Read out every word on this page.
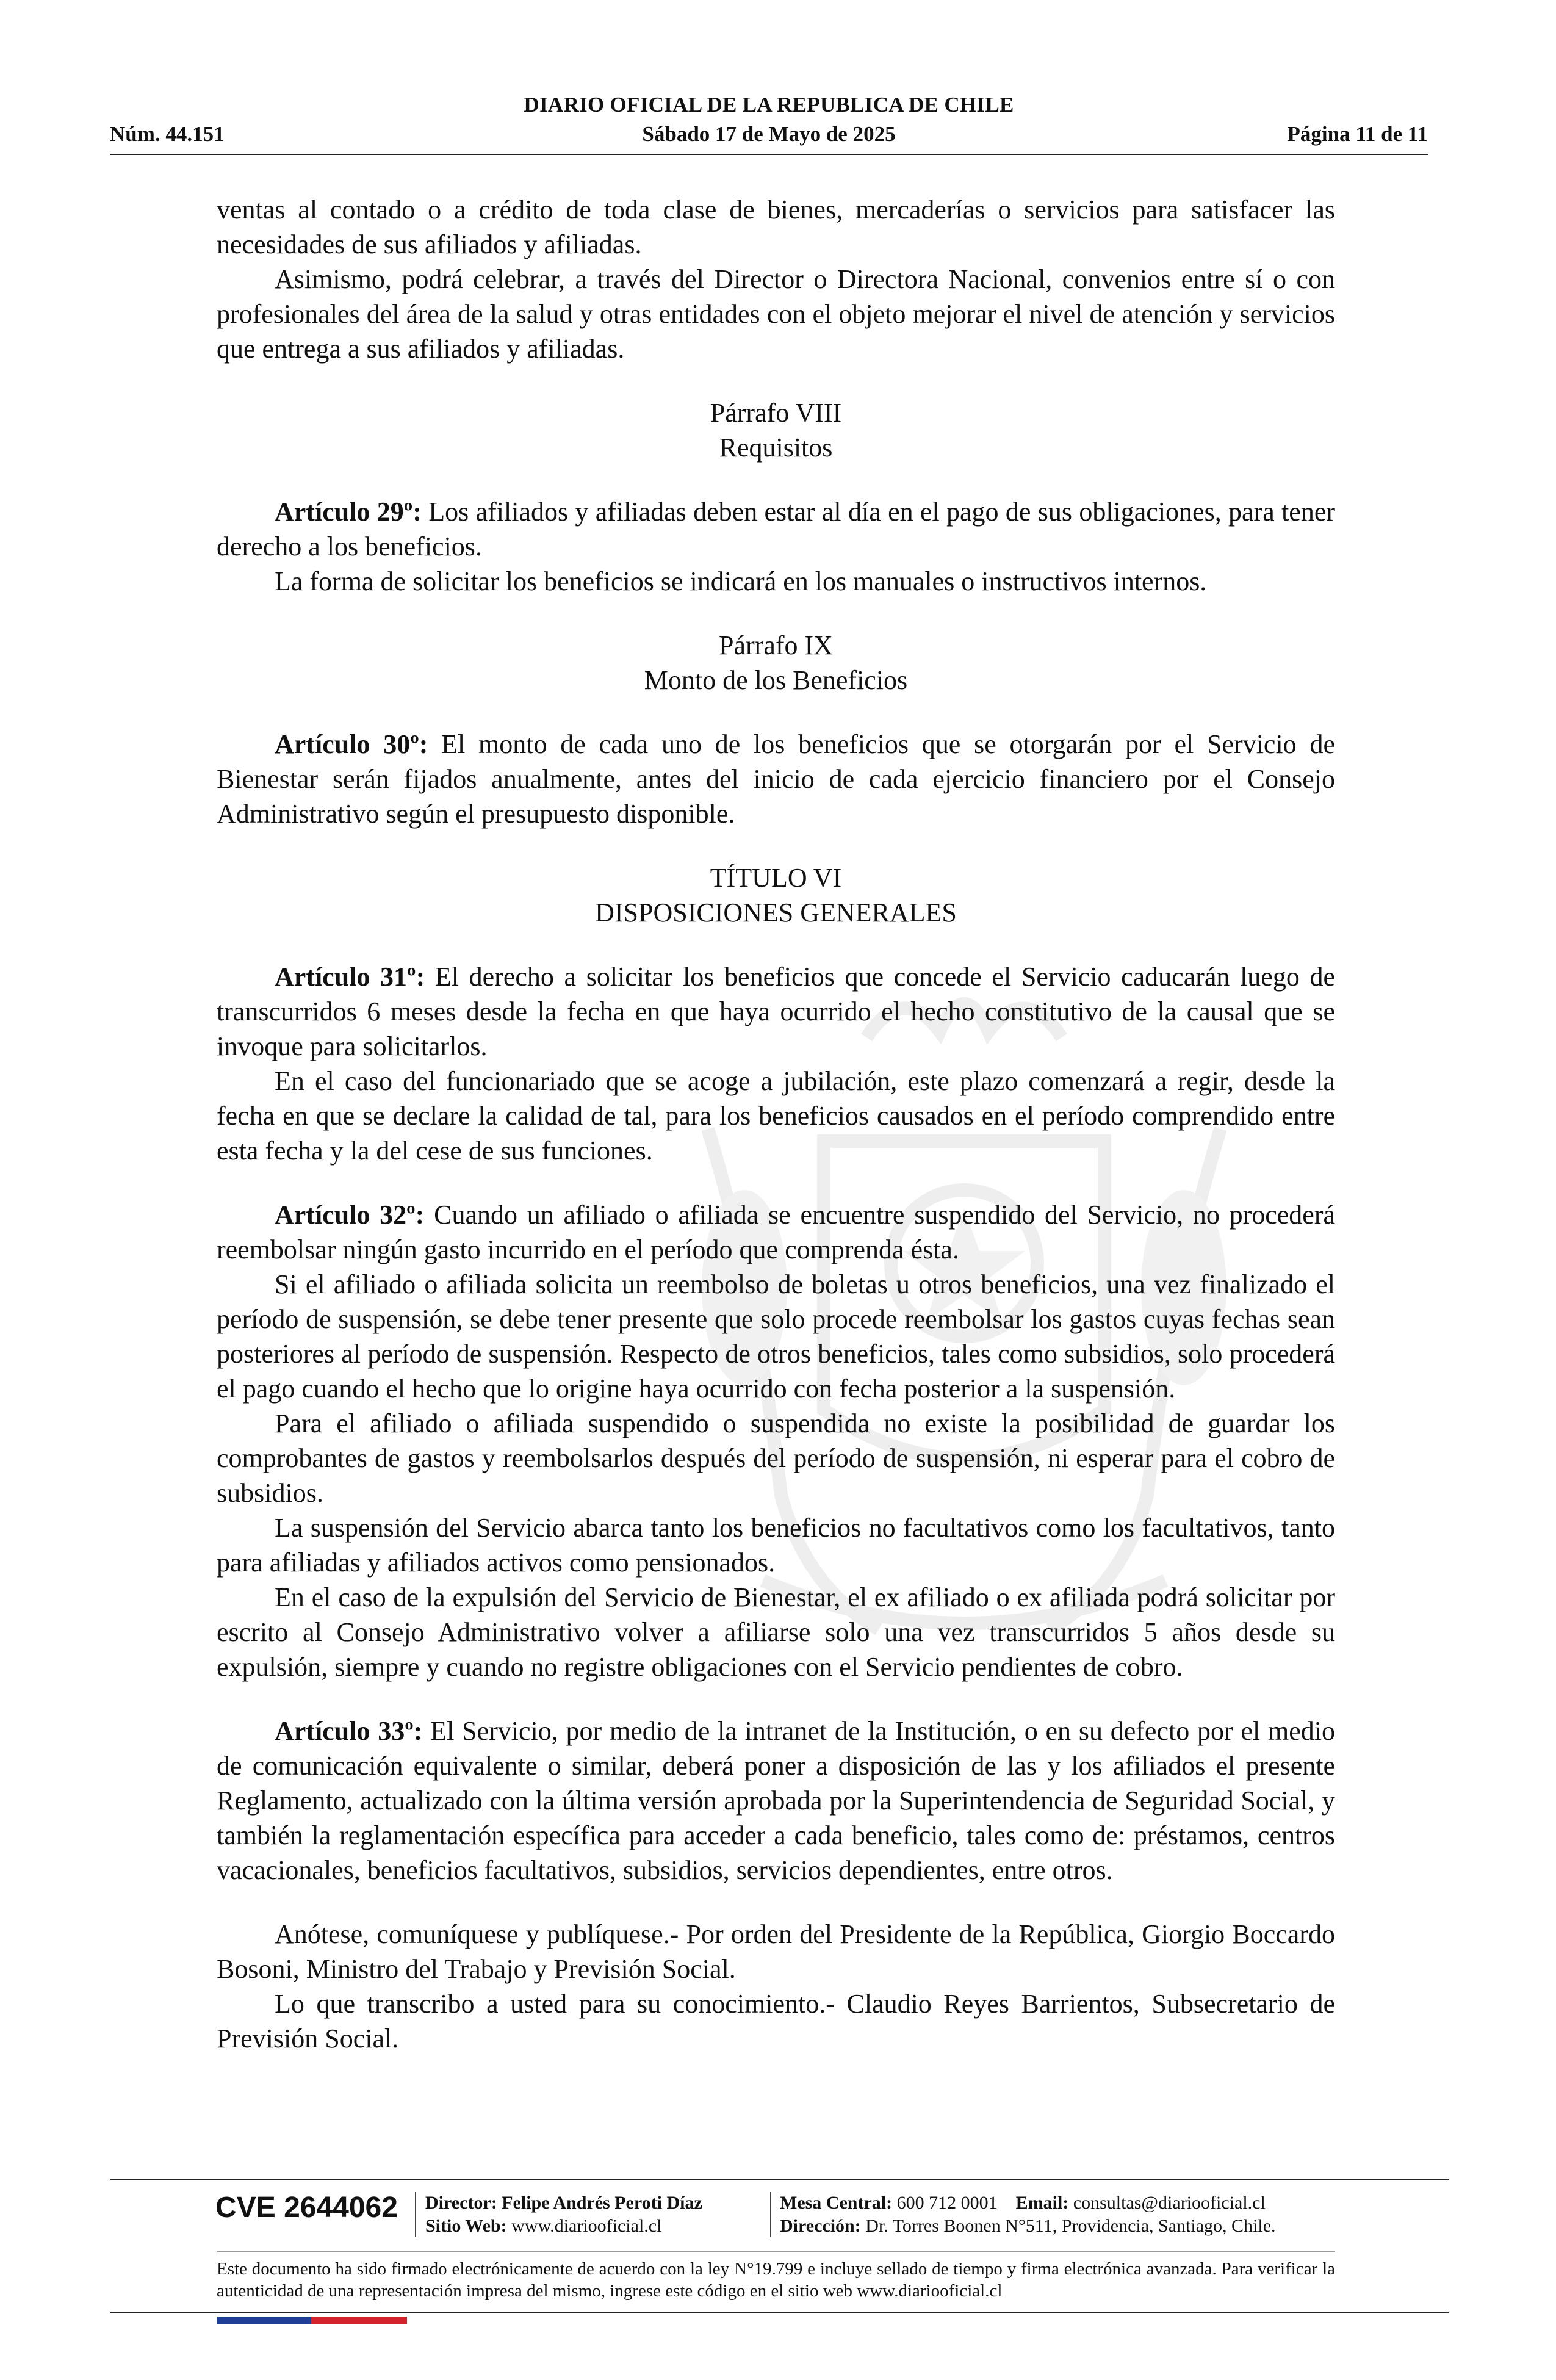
DIARIO OFICIAL DE LA REPUBLICA DE CHILE
Núm. 44.151	Sábado 17 de Mayo de 2025	Página 11 de 11

ventas al contado o a crédito de toda clase de bienes, mercaderías o servicios para satisfacer las necesidades de sus afiliados y afiliadas.

Asimismo, podrá celebrar, a través del Director o Directora Nacional, convenios entre sí o con profesionales del área de la salud y otras entidades con el objeto mejorar el nivel de atención y servicios que entrega a sus afiliados y afiliadas.

Párrafo VIII

Requisitos

Artículo 29º: Los afiliados y afiliadas deben estar al día en el pago de sus obligaciones, para tener derecho a los beneficios.

La forma de solicitar los beneficios se indicará en los manuales o instructivos internos.

Párrafo IX

Monto de los Beneficios

Artículo 30º: El monto de cada uno de los beneficios que se otorgarán por el Servicio de Bienestar serán fijados anualmente, antes del inicio de cada ejercicio financiero por el Consejo Administrativo según el presupuesto disponible.

TÍTULO VI

DISPOSICIONES GENERALES

Artículo 31º: El derecho a solicitar los beneficios que concede el Servicio caducarán luego de transcurridos 6 meses desde la fecha en que haya ocurrido el hecho constitutivo de la causal que se invoque para solicitarlos.

En el caso del funcionariado que se acoge a jubilación, este plazo comenzará a regir, desde la fecha en que se declare la calidad de tal, para los beneficios causados en el período comprendido entre esta fecha y la del cese de sus funciones.

Artículo 32º: Cuando un afiliado o afiliada se encuentre suspendido del Servicio, no procederá reembolsar ningún gasto incurrido en el período que comprenda ésta.

Si el afiliado o afiliada solicita un reembolso de boletas u otros beneficios, una vez finalizado el período de suspensión, se debe tener presente que solo procede reembolsar los gastos cuyas fechas sean posteriores al período de suspensión. Respecto de otros beneficios, tales como subsidios, solo procederá el pago cuando el hecho que lo origine haya ocurrido con fecha posterior a la suspensión.

Para el afiliado o afiliada suspendido o suspendida no existe la posibilidad de guardar los comprobantes de gastos y reembolsarlos después del período de suspensión, ni esperar para el cobro de subsidios.

La suspensión del Servicio abarca tanto los beneficios no facultativos como los facultativos, tanto para afiliadas y afiliados activos como pensionados.

En el caso de la expulsión del Servicio de Bienestar, el ex afiliado o ex afiliada podrá solicitar por escrito al Consejo Administrativo volver a afiliarse solo una vez transcurridos 5 años desde su expulsión, siempre y cuando no registre obligaciones con el Servicio pendientes de cobro.

Artículo 33º: El Servicio, por medio de la intranet de la Institución, o en su defecto por el medio de comunicación equivalente o similar, deberá poner a disposición de las y los afiliados el presente Reglamento, actualizado con la última versión aprobada por la Superintendencia de Seguridad Social, y también la reglamentación específica para acceder a cada beneficio, tales como de: préstamos, centros vacacionales, beneficios facultativos, subsidios, servicios dependientes, entre otros.

Anótese, comuníquese y publíquese.- Por orden del Presidente de la República, Giorgio Boccardo Bosoni, Ministro del Trabajo y Previsión Social.

Lo que transcribo a usted para su conocimiento.- Claudio Reyes Barrientos, Subsecretario de Previsión Social.

CVE 2644062	Director: Felipe Andrés Peroti Díaz
Sitio Web: www.diariooficial.cl
Mesa Central: 600 712 0001 Email: consultas@diariooficial.cl
Dirección: Dr. Torres Boonen N°511, Providencia, Santiago, Chile.
Este documento ha sido firmado electrónicamente de acuerdo con la ley N°19.799 e incluye sellado de tiempo y firma electrónica avanzada. Para verificar la autenticidad de una representación impresa del mismo, ingrese este código en el sitio web www.diariooficial.cl
